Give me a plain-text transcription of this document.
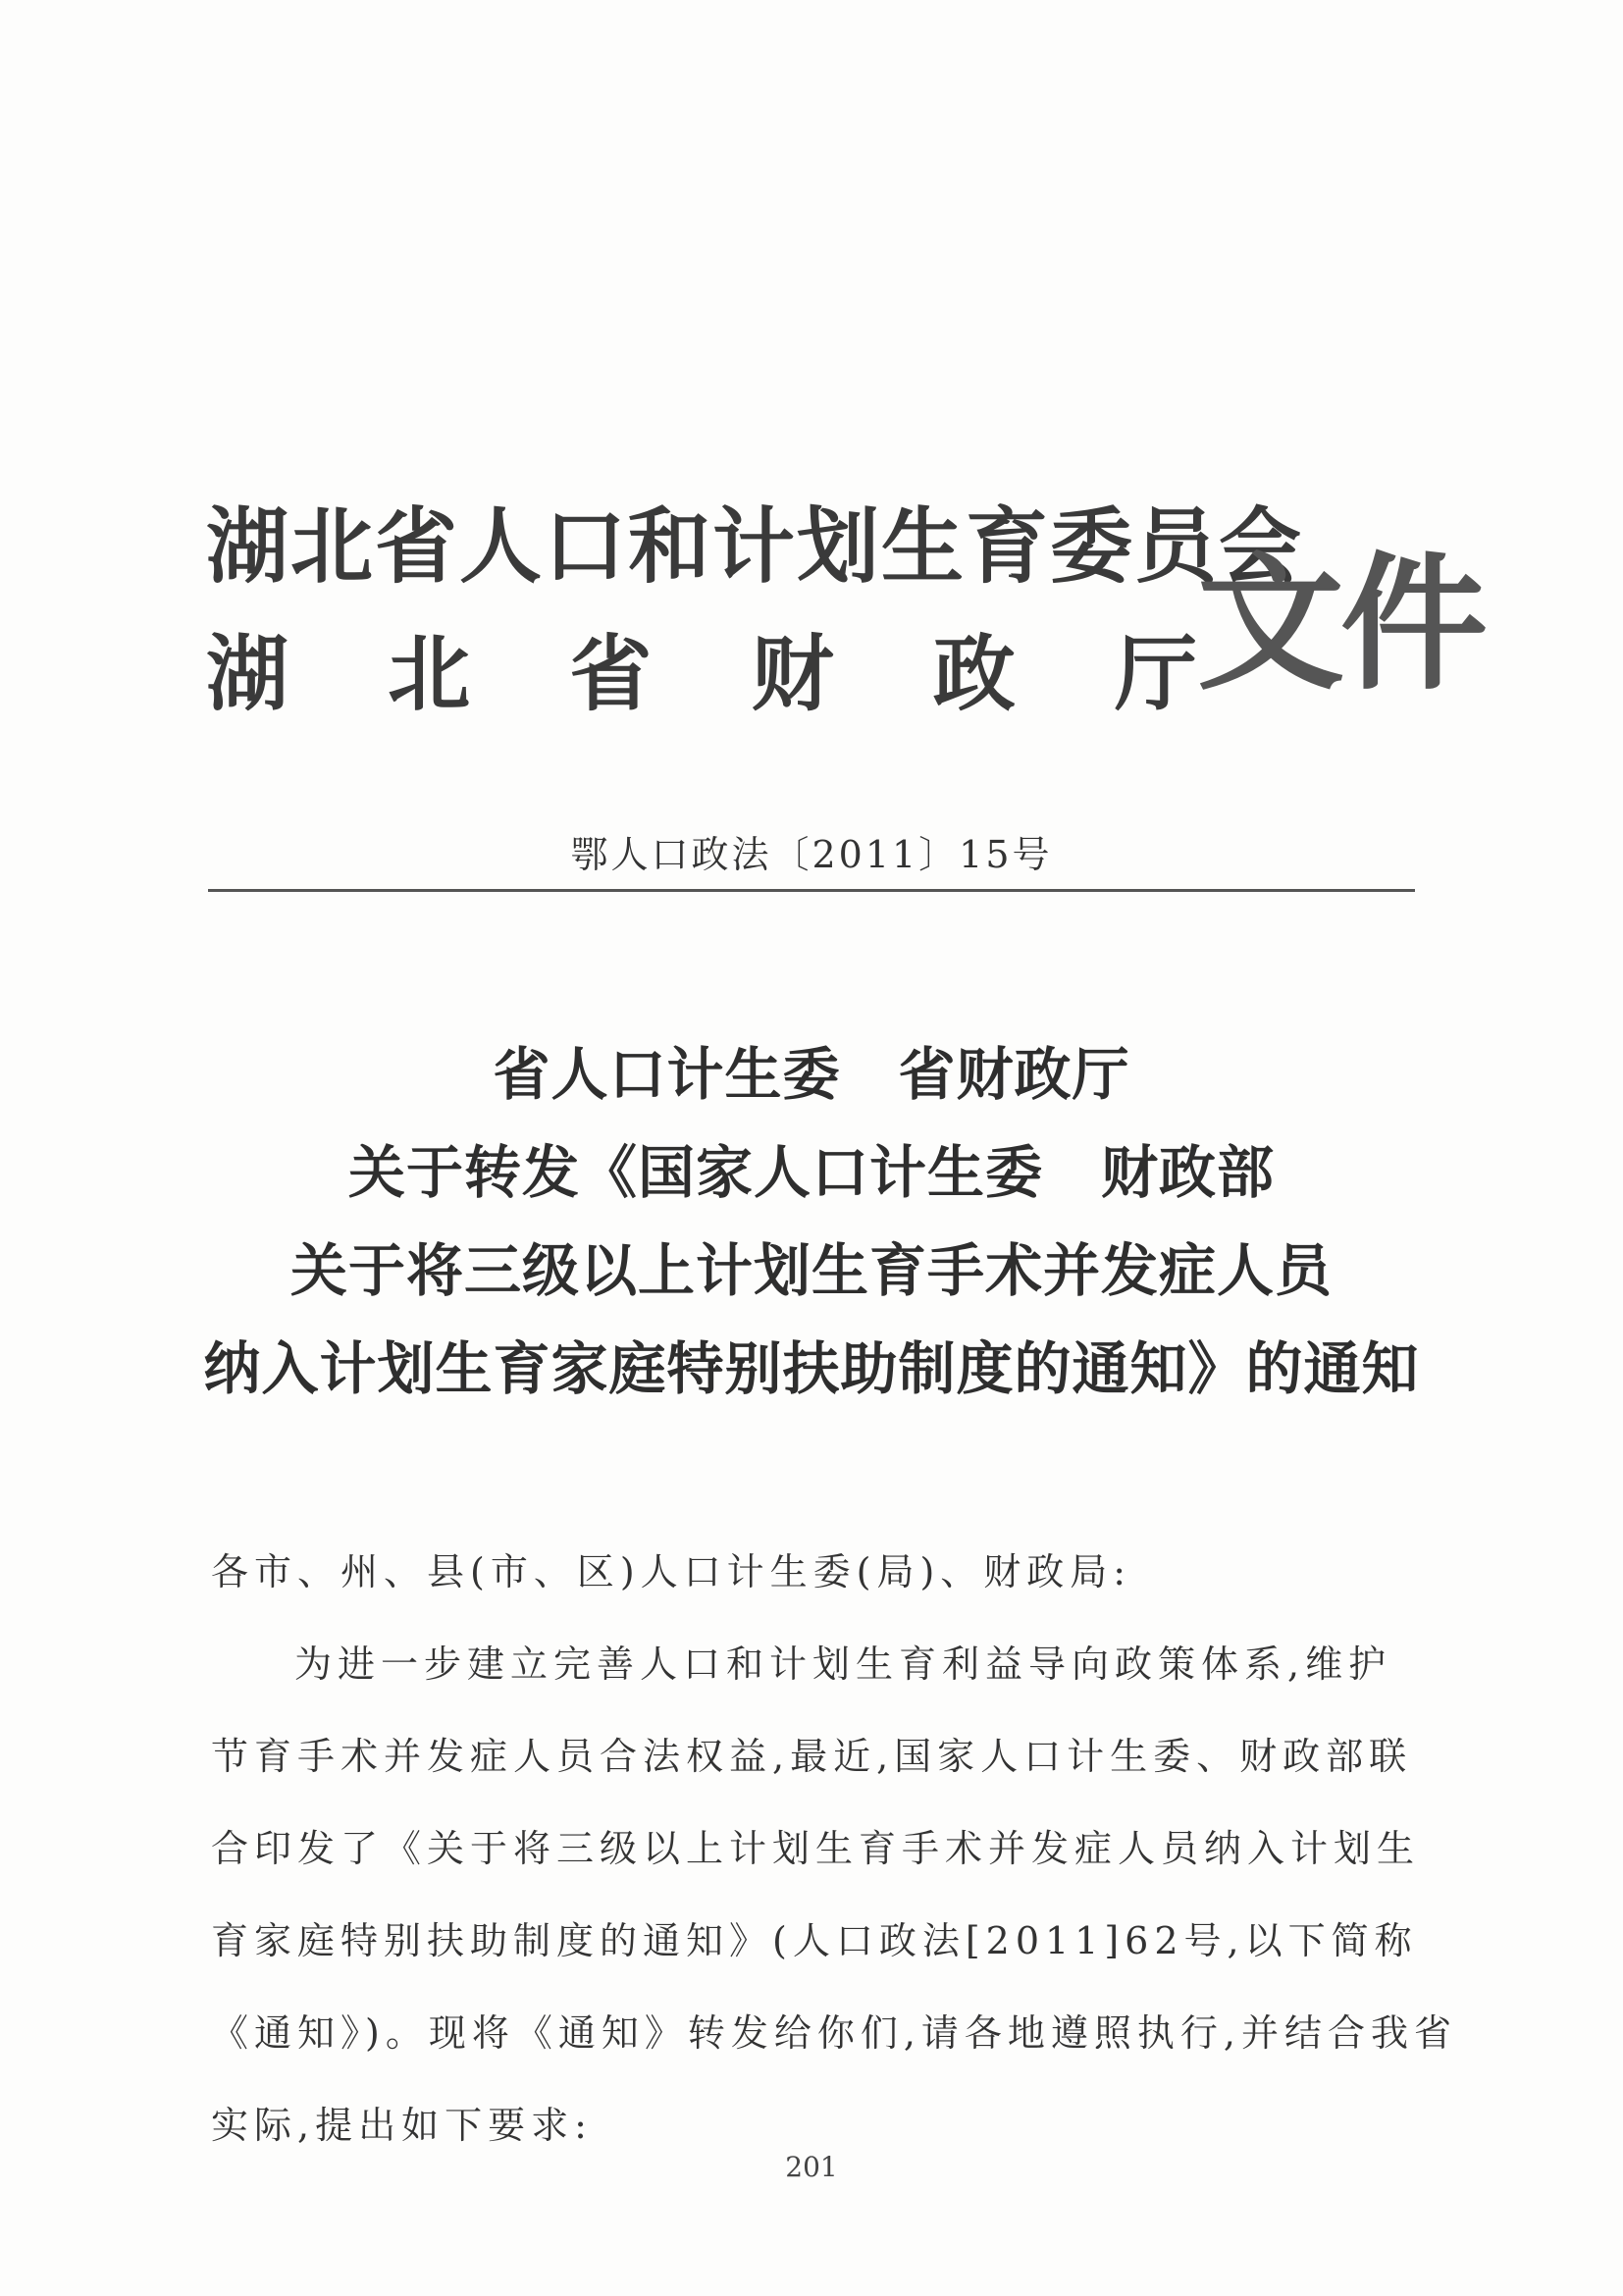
湖北省人口和计划生育委员会
湖 北 省 财 政 厅 文件
鄂人口政法〔2011〕15号
省人口计生委　省财政厅
关于转发《国家人口计生委　财政部
关于将三级以上计划生育手术并发症人员
纳入计划生育家庭特别扶助制度的通知》的通知
各市、州、县(市、区)人口计生委(局)、财政局:
为进一步建立完善人口和计划生育利益导向政策体系,维护
节育手术并发症人员合法权益,最近,国家人口计生委、财政部联
合印发了《关于将三级以上计划生育手术并发症人员纳入计划生
育家庭特别扶助制度的通知》(人口政法[2011]62号,以下简称
《通知》)。现将《通知》转发给你们,请各地遵照执行,并结合我省
实际,提出如下要求:
201
